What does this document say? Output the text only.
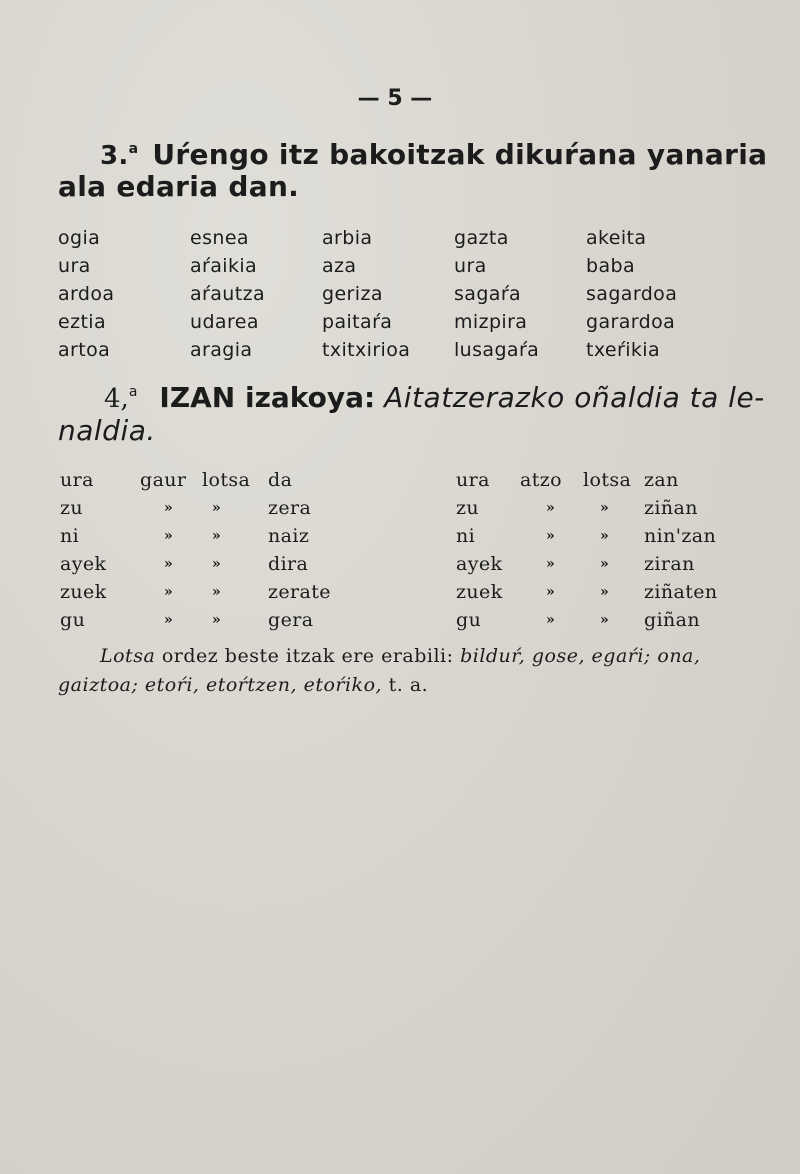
— 5 —
3.$^a$ Uŕengo itz bakoitzak dikuŕana yanaria
ala edaria dan.
ogia
ura
ardoa
eztia
artoa
esnea
aŕaikia
aŕautza
udarea
aragia
arbia
aza
geriza
paitaŕa
txitxirioa
gazta
ura
sagaŕa
mizpira
lusagaŕa
akeita
baba
sagardoa
garardoa
txeŕikia
4,$^a$ IZAN izakoya: Aitatzerazko oñaldia ta le-
naldia.
ura
zu
ni
ayek
zuek
gu
gaur
»
»
»
»
»
lotsa
»
»
»
»
»
da
zera
naiz
dira
zerate
gera
ura
zu
ni
ayek
zuek
gu
atzo
»
»
»
»
»
lotsa
»
»
»
»
»
zan
ziñan
nin'zan
ziran
ziñaten
giñan
Lotsa ordez beste itzak ere erabili: bilduŕ, gose, egaŕi; ona,
gaiztoa; etoŕi, etoŕtzen, etoŕiko, t. a.
